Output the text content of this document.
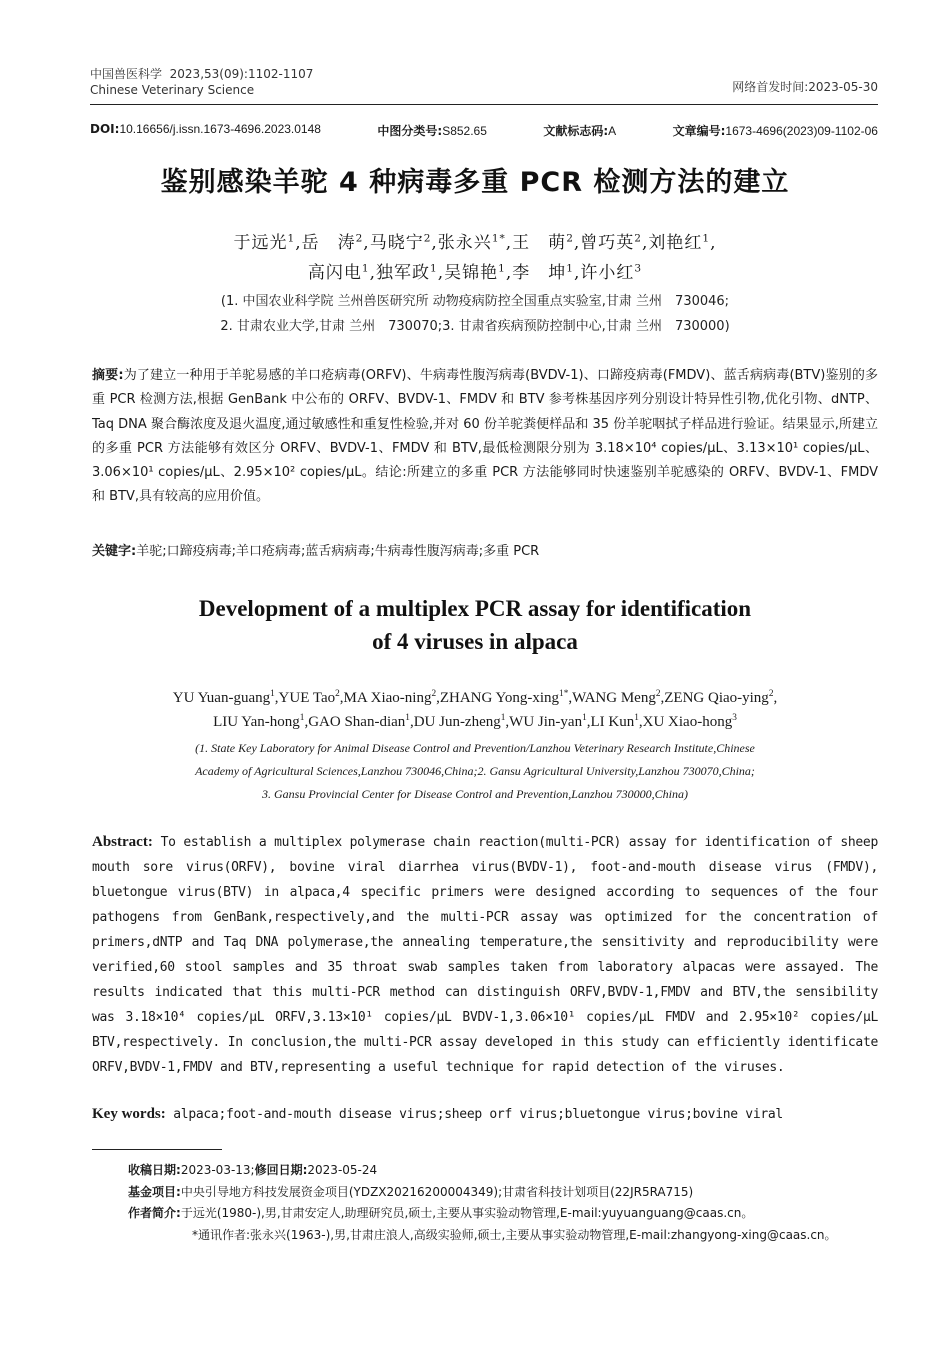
中国兽医科学 2023,53(09):1102-1107
Chinese Veterinary Science	网络首发时间:2023-05-30
DOI:10.16656/j.issn.1673-4696.2023.0148	中图分类号:S852.65	文献标志码:A	文章编号:1673-4696(2023)09-1102-06
鉴别感染羊驼 4 种病毒多重 PCR 检测方法的建立
于远光$^1$,岳　涛$^2$,马晓宁$^2$,张永兴$^{1*}$,王　萌$^2$,曾巧英$^2$,刘艳红$^1$,
高闪电$^1$,独军政$^1$,吴锦艳$^1$,李　坤$^1$,许小红$^3$
(1. 中国农业科学院 兰州兽医研究所 动物疫病防控全国重点实验室,甘肃 兰州　730046;
2. 甘肃农业大学,甘肃 兰州　730070;3. 甘肃省疾病预防控制中心,甘肃 兰州　730000)
摘要:为了建立一种用于羊驼易感的羊口疮病毒(ORFV)、牛病毒性腹泻病毒(BVDV-1)、口蹄疫病毒(FMDV)、蓝舌病病毒(BTV)鉴别的多重 PCR 检测方法,根据 GenBank 中公布的 ORFV、BVDV-1、FMDV 和 BTV 参考株基因序列分别设计特异性引物,优化引物、dNTP、Taq DNA 聚合酶浓度及退火温度,通过敏感性和重复性检验,并对 60 份羊驼粪便样品和 35 份羊驼咽拭子样品进行验证。结果显示,所建立的多重 PCR 方法能够有效区分 ORFV、BVDV-1、FMDV 和 BTV,最低检测限分别为 3.18×10⁴ copies/μL、3.13×10¹ copies/μL、3.06×10¹ copies/μL、2.95×10² copies/μL。结论:所建立的多重 PCR 方法能够同时快速鉴别羊驼感染的 ORFV、BVDV-1、FMDV 和 BTV,具有较高的应用价值。
关键字:羊驼;口蹄疫病毒;羊口疮病毒;蓝舌病病毒;牛病毒性腹泻病毒;多重 PCR
Development of a multiplex PCR assay for identification
of 4 viruses in alpaca
YU Yuan-guang$^1$,YUE Tao$^2$,MA Xiao-ning$^2$,ZHANG Yong-xing$^{1*}$,WANG Meng$^2$,ZENG Qiao-ying$^2$,
LIU Yan-hong$^1$,GAO Shan-dian$^1$,DU Jun-zheng$^1$,WU Jin-yan$^1$,LI Kun$^1$,XU Xiao-hong$^3$
(1. State Key Laboratory for Animal Disease Control and Prevention/Lanzhou Veterinary Research Institute,Chinese
Academy of Agricultural Sciences,Lanzhou 730046,China;2. Gansu Agricultural University,Lanzhou 730070,China;
3. Gansu Provincial Center for Disease Control and Prevention,Lanzhou 730000,China)
Abstract: To establish a multiplex polymerase chain reaction(multi-PCR) assay for identification of sheep mouth sore virus(ORFV), bovine viral diarrhea virus(BVDV-1), foot-and-mouth disease virus (FMDV), bluetongue virus(BTV) in alpaca,4 specific primers were designed according to sequences of the four pathogens from GenBank,respectively,and the multi-PCR assay was optimized for the concentration of primers,dNTP and Taq DNA polymerase,the annealing temperature,the sensitivity and reproducibility were verified,60 stool samples and 35 throat swab samples taken from laboratory alpacas were assayed. The results indicated that this multi-PCR method can distinguish ORFV,BVDV-1,FMDV and BTV,the sensibility was 3.18×10⁴ copies/μL ORFV,3.13×10¹ copies/μL BVDV-1,3.06×10¹ copies/μL FMDV and 2.95×10² copies/μL BTV,respectively. In conclusion,the multi-PCR assay developed in this study can efficiently identificate ORFV,BVDV-1,FMDV and BTV,representing a useful technique for rapid detection of the viruses.
Key words: alpaca;foot-and-mouth disease virus;sheep orf virus;bluetongue virus;bovine viral
收稿日期:2023-03-13;修回日期:2023-05-24
基金项目:中央引导地方科技发展资金项目(YDZX20216200004349);甘肃省科技计划项目(22JR5RA715)
作者简介:于远光(1980-),男,甘肃安定人,助理研究员,硕士,主要从事实验动物管理,E-mail:yuyuanguang@caas.cn。
*通讯作者:张永兴(1963-),男,甘肃庄浪人,高级实验师,硕士,主要从事实验动物管理,E-mail:zhangyong-xing@caas.cn。
